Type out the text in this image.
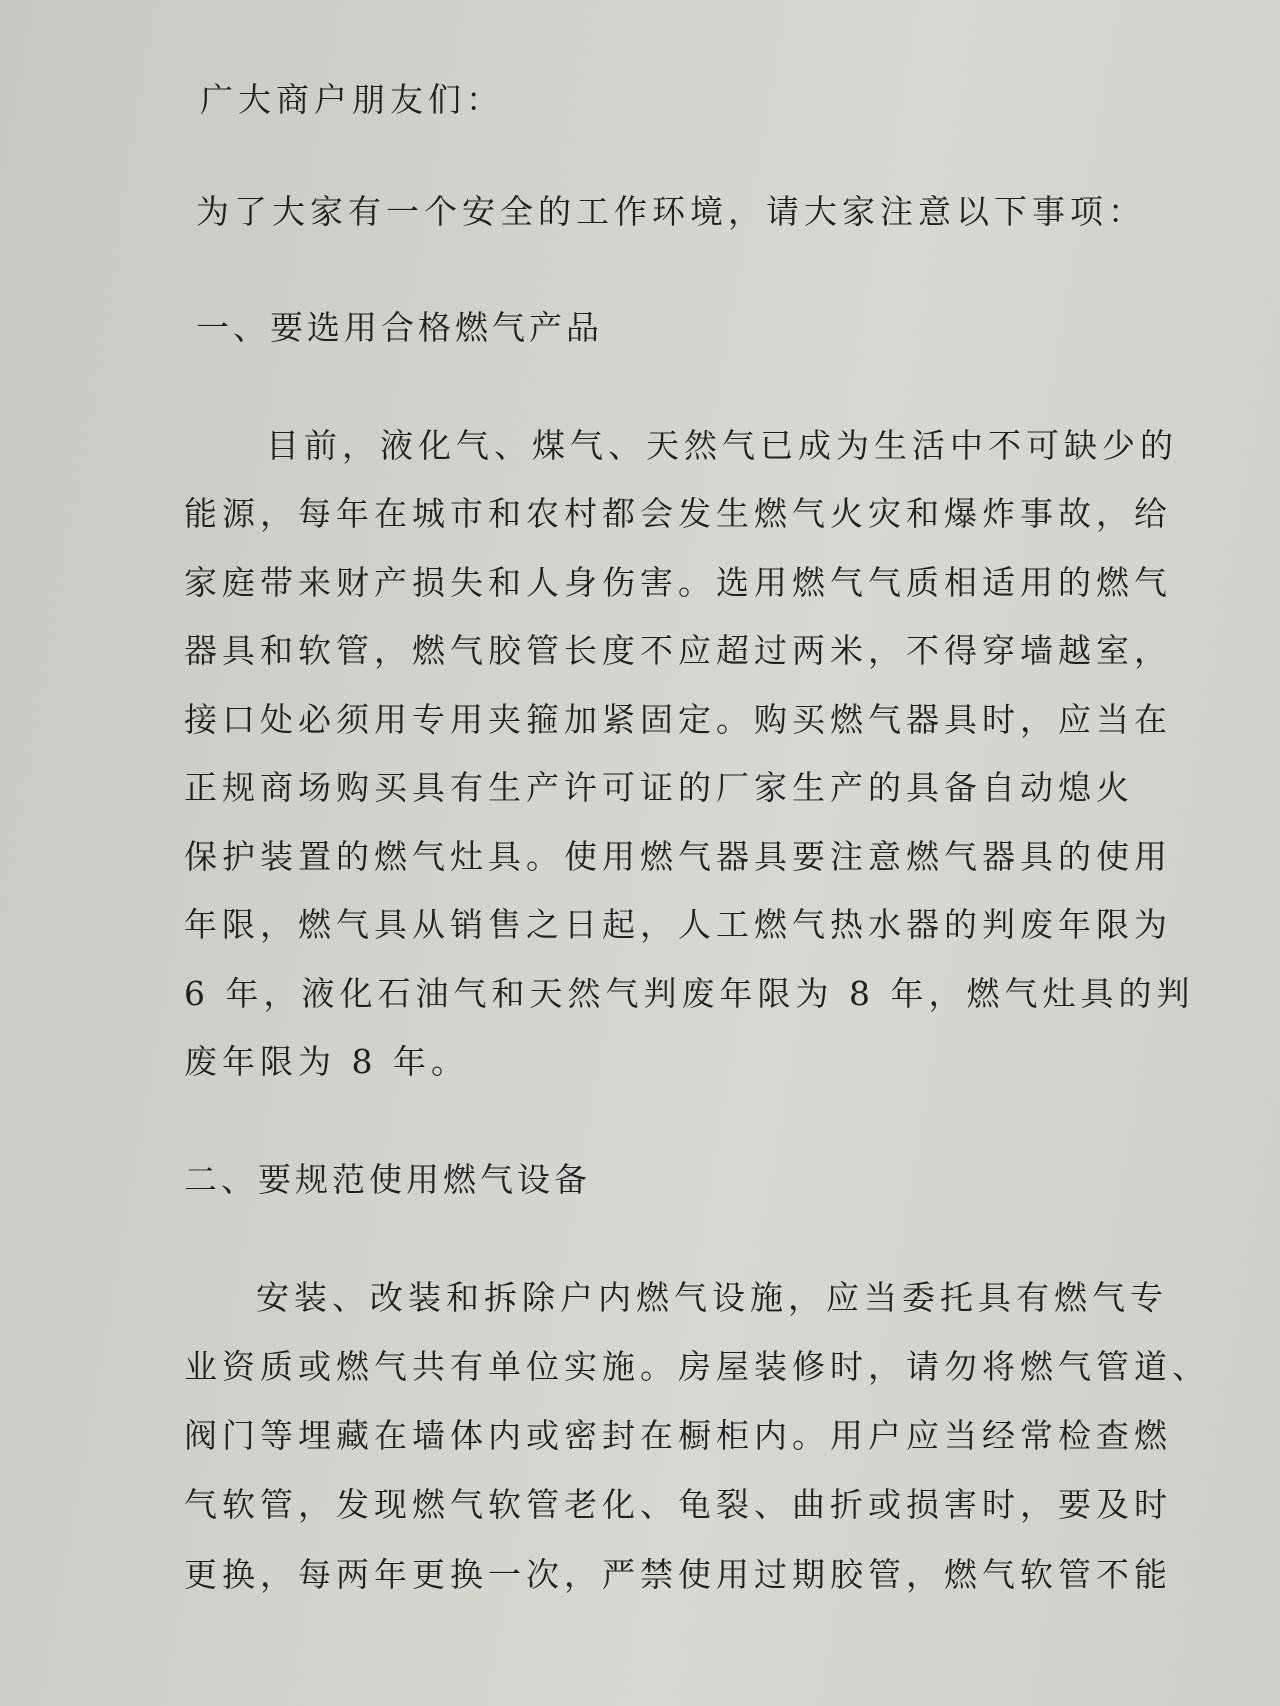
广大商户朋友们：
为了大家有一个安全的工作环境，请大家注意以下事项：
一、要选用合格燃气产品
目前，液化气、煤气、天然气已成为生活中不可缺少的
能源，每年在城市和农村都会发生燃气火灾和爆炸事故，给
家庭带来财产损失和人身伤害。选用燃气气质相适用的燃气
器具和软管，燃气胶管长度不应超过两米，不得穿墙越室，
接口处必须用专用夹箍加紧固定。购买燃气器具时，应当在
正规商场购买具有生产许可证的厂家生产的具备自动熄火
保护装置的燃气灶具。使用燃气器具要注意燃气器具的使用
年限，燃气具从销售之日起，人工燃气热水器的判废年限为
6 年，液化石油气和天然气判废年限为 8 年，燃气灶具的判
废年限为 8 年。
二、要规范使用燃气设备
安装、改装和拆除户内燃气设施，应当委托具有燃气专
业资质或燃气共有单位实施。房屋装修时，请勿将燃气管道、
阀门等埋藏在墙体内或密封在橱柜内。用户应当经常检查燃
气软管，发现燃气软管老化、龟裂、曲折或损害时，要及时
更换，每两年更换一次，严禁使用过期胶管，燃气软管不能
